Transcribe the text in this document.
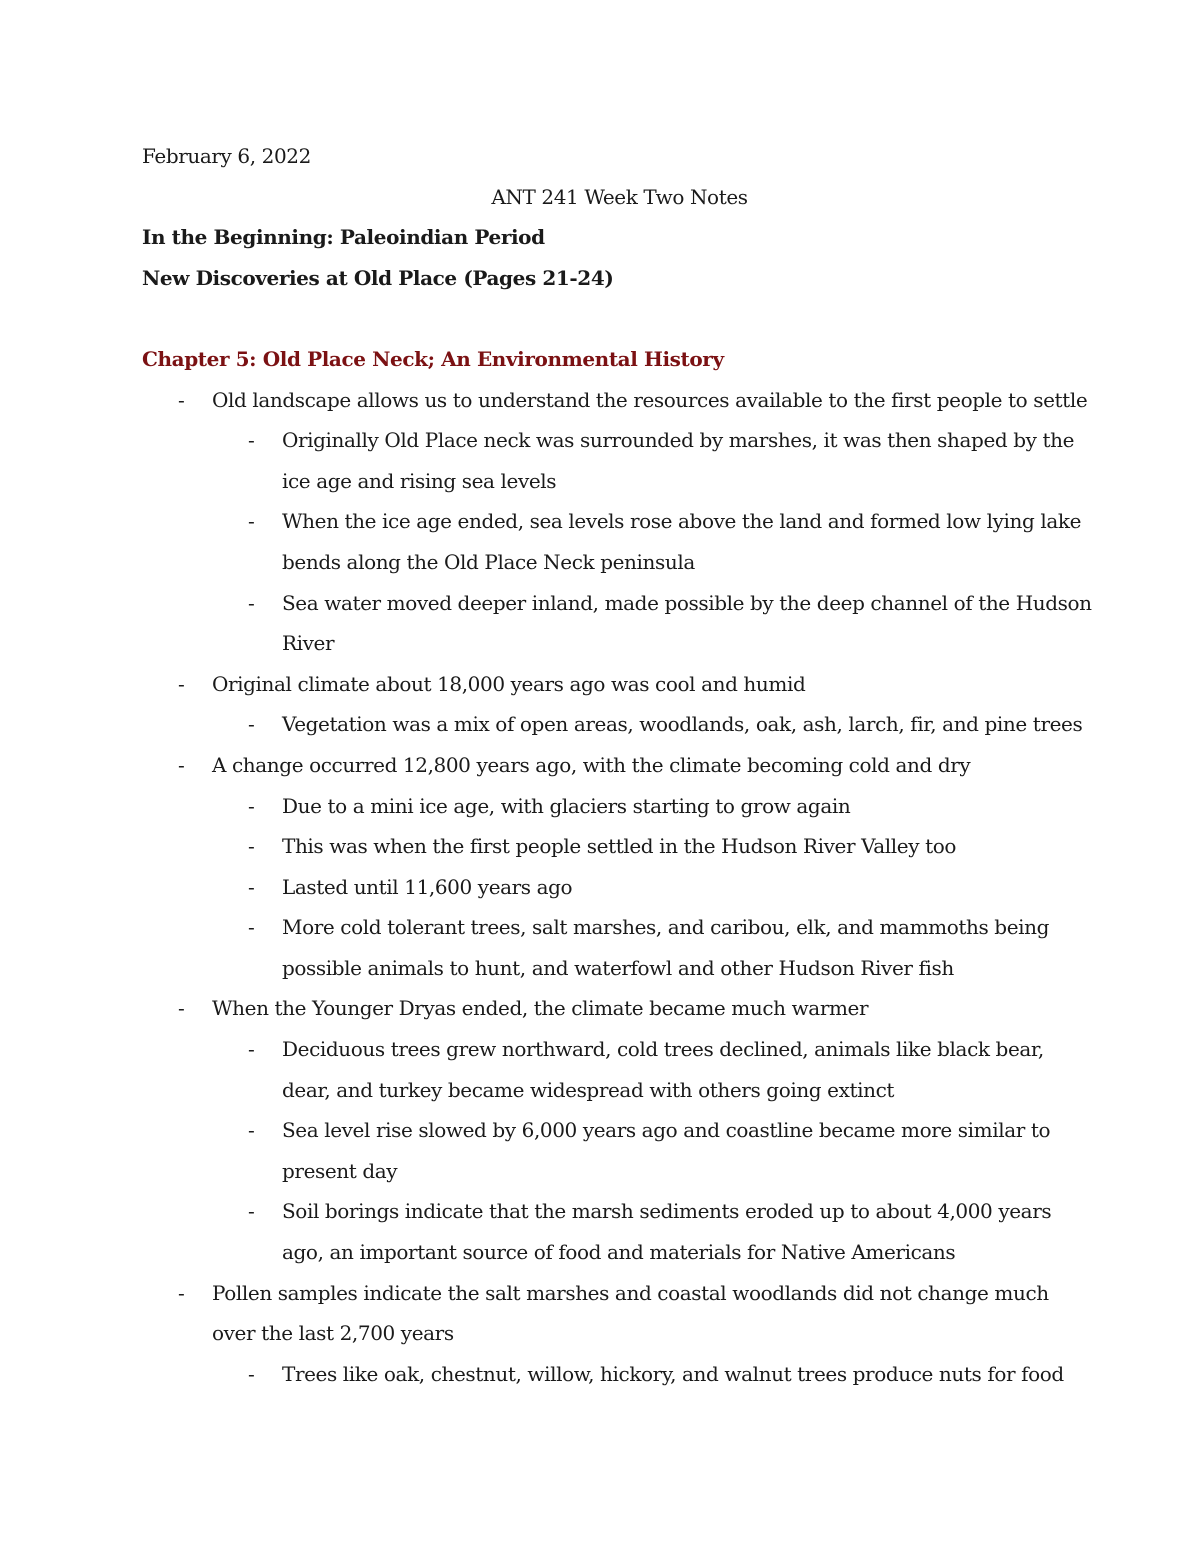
February 6, 2022
ANT 241 Week Two Notes
In the Beginning: Paleoindian Period
New Discoveries at Old Place (Pages 21-24)
Chapter 5: Old Place Neck; An Environmental History
- Old landscape allows us to understand the resources available to the first people to settle
- Originally Old Place neck was surrounded by marshes, it was then shaped by the
ice age and rising sea levels
- When the ice age ended, sea levels rose above the land and formed low lying lake
bends along the Old Place Neck peninsula
- Sea water moved deeper inland, made possible by the deep channel of the Hudson
River
- Original climate about 18,000 years ago was cool and humid
- Vegetation was a mix of open areas, woodlands, oak, ash, larch, fir, and pine trees
- A change occurred 12,800 years ago, with the climate becoming cold and dry
- Due to a mini ice age, with glaciers starting to grow again
- This was when the first people settled in the Hudson River Valley too
- Lasted until 11,600 years ago
- More cold tolerant trees, salt marshes, and caribou, elk, and mammoths being
possible animals to hunt, and waterfowl and other Hudson River fish
- When the Younger Dryas ended, the climate became much warmer
- Deciduous trees grew northward, cold trees declined, animals like black bear,
dear, and turkey became widespread with others going extinct
- Sea level rise slowed by 6,000 years ago and coastline became more similar to
present day
- Soil borings indicate that the marsh sediments eroded up to about 4,000 years
ago, an important source of food and materials for Native Americans
- Pollen samples indicate the salt marshes and coastal woodlands did not change much
over the last 2,700 years
- Trees like oak, chestnut, willow, hickory, and walnut trees produce nuts for food
